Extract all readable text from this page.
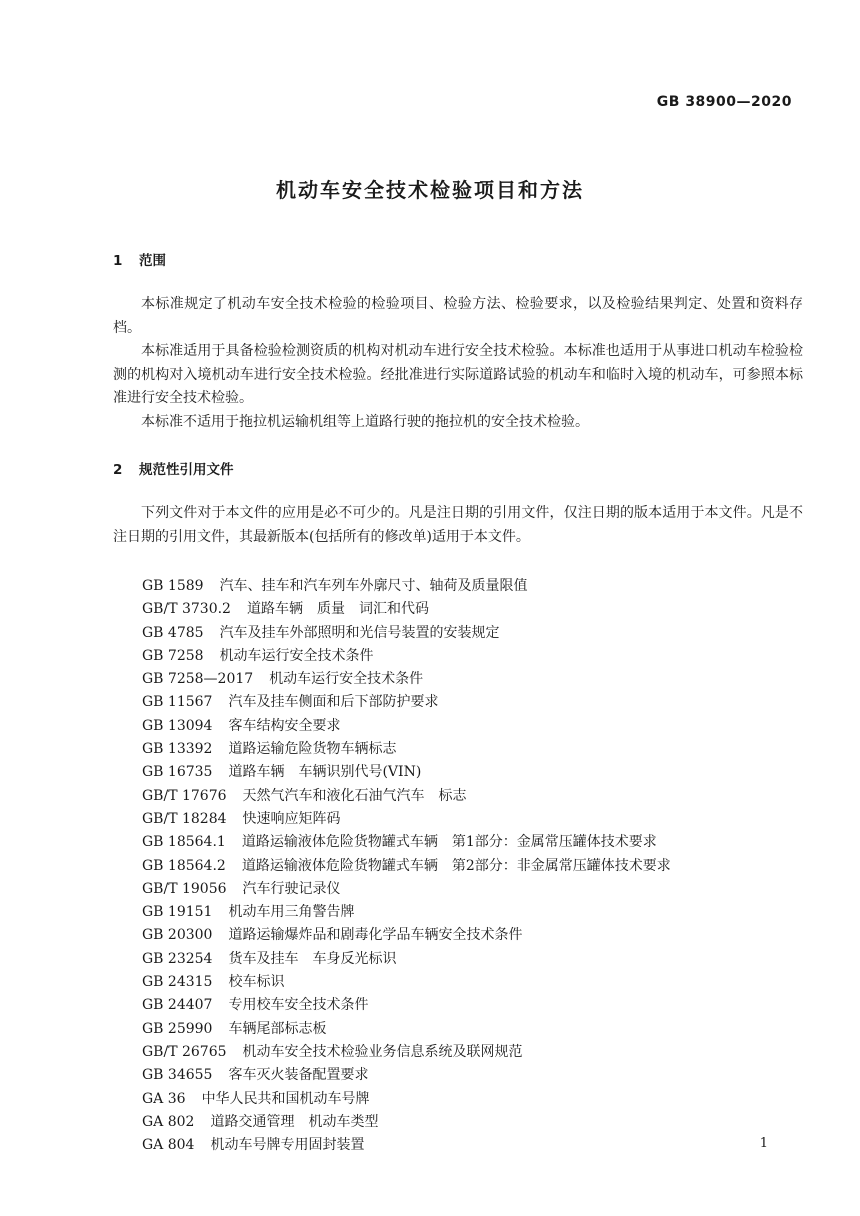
GB 38900—2020
机动车安全技术检验项目和方法
1 范围

本标准规定了机动车安全技术检验的检验项目、检验方法、检验要求，以及检验结果判定、处置和资料存档。

本标准适用于具备检验检测资质的机构对机动车进行安全技术检验。本标准也适用于从事进口机动车检验检测的机构对入境机动车进行安全技术检验。经批准进行实际道路试验的机动车和临时入境的机动车，可参照本标准进行安全技术检验。

本标准不适用于拖拉机运输机组等上道路行驶的拖拉机的安全技术检验。

2 规范性引用文件

下列文件对于本文件的应用是必不可少的。凡是注日期的引用文件，仅注日期的版本适用于本文件。凡是不注日期的引用文件，其最新版本(包括所有的修改单)适用于本文件。

GB 1589 汽车、挂车和汽车列车外廓尺寸、轴荷及质量限值
GB/T 3730.2 道路车辆　质量　词汇和代码
GB 4785 汽车及挂车外部照明和光信号装置的安装规定
GB 7258 机动车运行安全技术条件
GB 7258—2017 机动车运行安全技术条件
GB 11567 汽车及挂车侧面和后下部防护要求
GB 13094 客车结构安全要求
GB 13392 道路运输危险货物车辆标志
GB 16735 道路车辆　车辆识别代号(VIN)
GB/T 17676 天然气汽车和液化石油气汽车　标志
GB/T 18284 快速响应矩阵码
GB 18564.1 道路运输液体危险货物罐式车辆　第1部分：金属常压罐体技术要求
GB 18564.2 道路运输液体危险货物罐式车辆　第2部分：非金属常压罐体技术要求
GB/T 19056 汽车行驶记录仪
GB 19151 机动车用三角警告牌
GB 20300 道路运输爆炸品和剧毒化学品车辆安全技术条件
GB 23254 货车及挂车　车身反光标识
GB 24315 校车标识
GB 24407 专用校车安全技术条件
GB 25990 车辆尾部标志板
GB/T 26765 机动车安全技术检验业务信息系统及联网规范
GB 34655 客车灭火装备配置要求
GA 36 中华人民共和国机动车号牌
GA 802 道路交通管理　机动车类型
GA 804 机动车号牌专用固封装置	1
